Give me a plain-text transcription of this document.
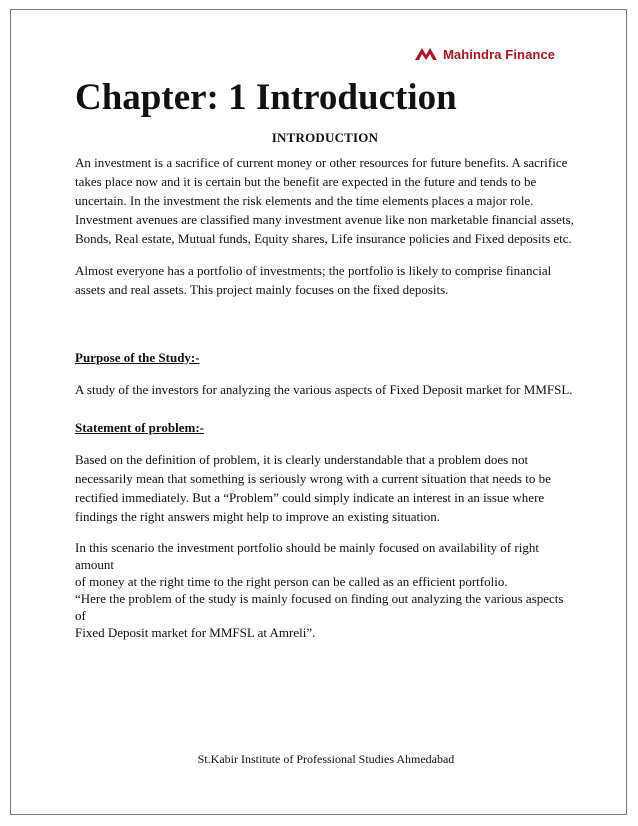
Mahindra Finance
Chapter: 1 Introduction
INTRODUCTION

An investment is a sacrifice of current money or other resources for future benefits. A sacrifice
takes place now and it is certain but the benefit are expected in the future and tends to be
uncertain. In the investment the risk elements and the time elements places a major role.
Investment avenues are classified many investment avenue like non marketable financial assets,
Bonds, Real estate, Mutual funds, Equity shares, Life insurance policies and Fixed deposits etc.

Almost everyone has a portfolio of investments; the portfolio is likely to comprise financial
assets and real assets. This project mainly focuses on the fixed deposits.

Purpose of the Study:-

A study of the investors for analyzing the various aspects of Fixed Deposit market for MMFSL.

Statement of problem:-

Based on the definition of problem, it is clearly understandable that a problem does not
necessarily mean that something is seriously wrong with a current situation that needs to be
rectified immediately. But a “Problem” could simply indicate an interest in an issue where
findings the right answers might help to improve an existing situation.

In this scenario the investment portfolio should be mainly focused on availability of right amount
of money at the right time to the right person can be called as an efficient portfolio.
“Here the problem of the study is mainly focused on finding out analyzing the various aspects of
Fixed Deposit market for MMFSL at Amreli”.

St.Kabir Institute of Professional Studies Ahmedabad
